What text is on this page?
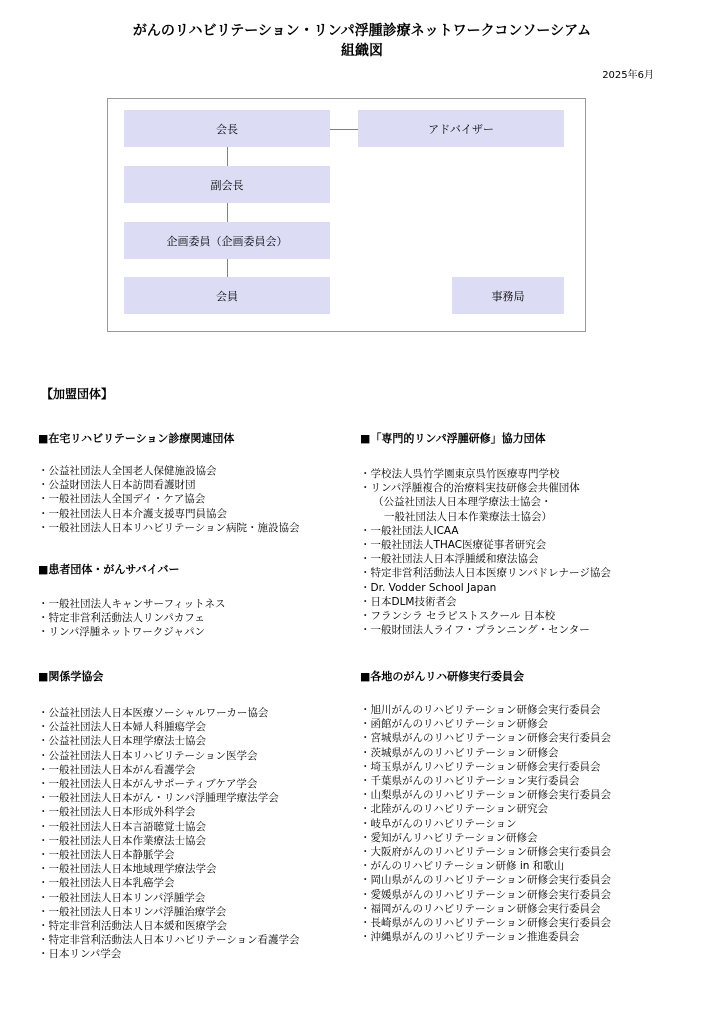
がんのリハビリテーション・リンパ浮腫診療ネットワークコンソーシアム
組織図
2025年6月
会長	アドバイザー
副会長
企画委員（企画委員会）
会員	事務局
【加盟団体】
■在宅リハビリテーション診療関連団体
・公益社団法人全国老人保健施設協会
・公益財団法人日本訪問看護財団
・一般社団法人全国デイ・ケア協会
・一般社団法人日本介護支援専門員協会
・一般社団法人日本リハビリテーション病院・施設協会
■患者団体・がんサバイバー
・一般社団法人キャンサーフィットネス
・特定非営利活動法人リンパカフェ
・リンパ浮腫ネットワークジャパン
■関係学協会
・公益社団法人日本医療ソーシャルワーカー協会
・公益社団法人日本婦人科腫瘍学会
・公益社団法人日本理学療法士協会
・公益社団法人日本リハビリテーション医学会
・一般社団法人日本がん看護学会
・一般社団法人日本がんサポーティブケア学会
・一般社団法人日本がん・リンパ浮腫理学療法学会
・一般社団法人日本形成外科学会
・一般社団法人日本言語聴覚士協会
・一般社団法人日本作業療法士協会
・一般社団法人日本静脈学会
・一般社団法人日本地域理学療法学会
・一般社団法人日本乳癌学会
・一般社団法人日本リンパ浮腫学会
・一般社団法人日本リンパ浮腫治療学会
・特定非営利活動法人日本緩和医療学会
・特定非営利活動法人日本リハビリテーション看護学会
・日本リンパ学会
■「専門的リンパ浮腫研修」協力団体
・学校法人呉竹学園東京呉竹医療専門学校
・リンパ浮腫複合的治療料実技研修会共催団体
（公益社団法人日本理学療法士協会・
一般社団法人日本作業療法士協会）
・一般社団法人ICAA
・一般社団法人THAC医療従事者研究会
・一般社団法人日本浮腫緩和療法協会
・特定非営利活動法人日本医療リンパドレナージ協会
・Dr. Vodder School Japan
・日本DLM技術者会
・フランシラ セラピストスクール 日本校
・一般財団法人ライフ・プランニング・センター
■各地のがんリハ研修実行委員会
・旭川がんのリハビリテーション研修会実行委員会
・函館がんのリハビリテーション研修会
・宮城県がんのリハビリテーション研修会実行委員会
・茨城県がんのリハビリテーション研修会
・埼玉県がんリハビリテーション研修会実行委員会
・千葉県がんのリハビリテーション実行委員会
・山梨県がんのリハビリテーション研修会実行委員会
・北陸がんのリハビリテーション研究会
・岐阜がんのリハビリテーション
・愛知がんリハビリテーション研修会
・大阪府がんのリハビリテーション研修会実行委員会
・がんのリハビリテーション研修 in 和歌山
・岡山県がんのリハビリテーション研修会実行委員会
・愛媛県がんのリハビリテーション研修会実行委員会
・福岡がんのリハビリテーション研修会実行委員会
・長崎県がんのリハビリテーション研修会実行委員会
・沖縄県がんのリハビリテーション推進委員会
